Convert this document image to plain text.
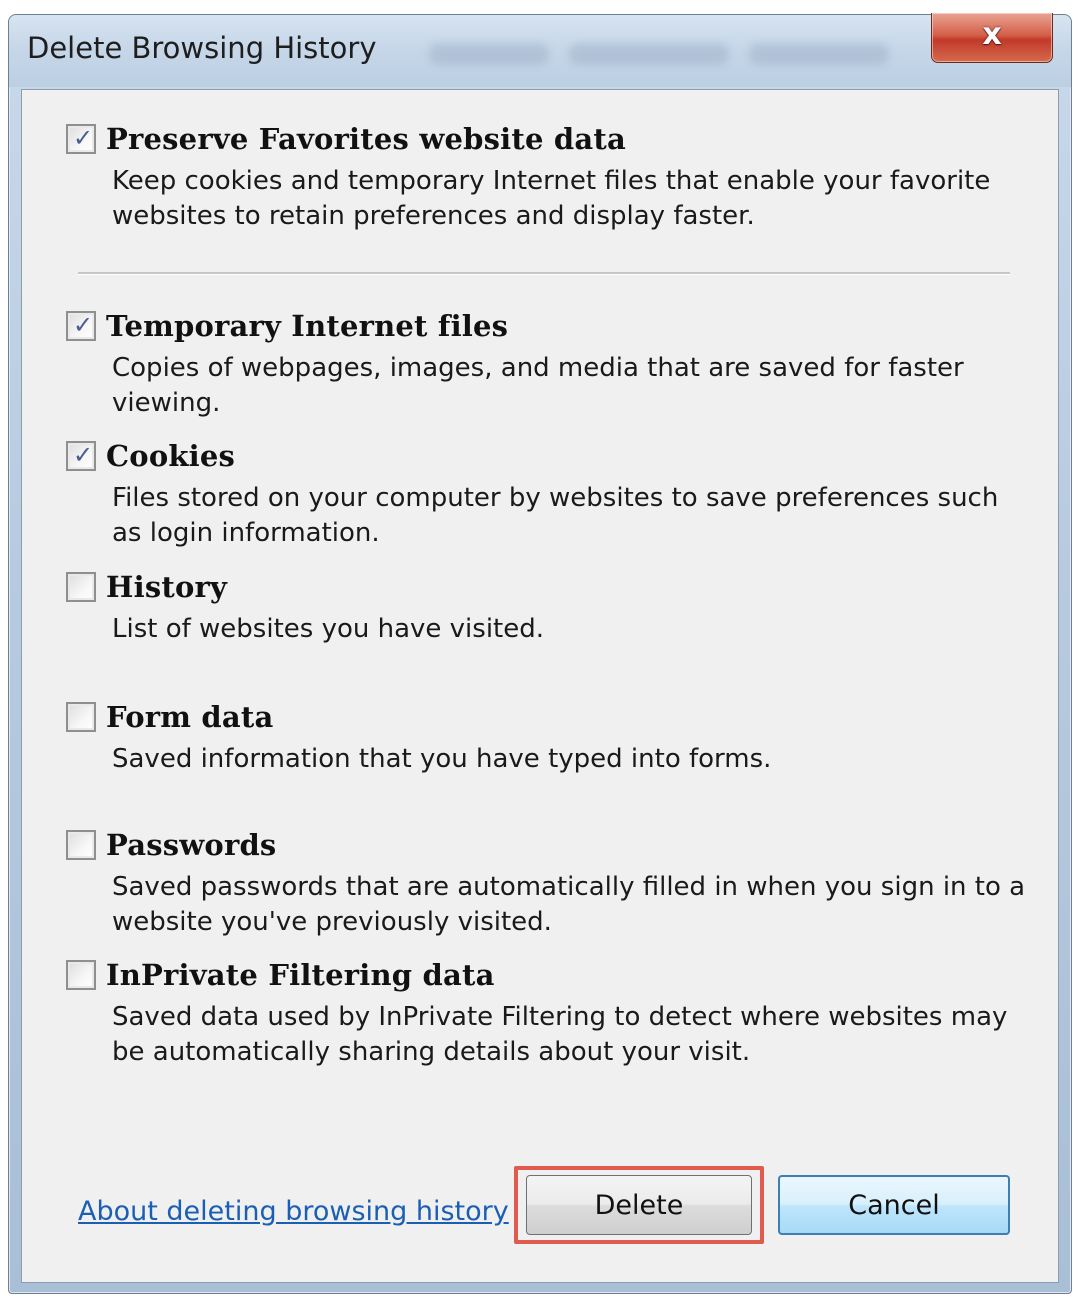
Delete Browsing History	x
✓ Preserve Favorites website data
Keep cookies and temporary Internet files that enable your favorite websites to retain preferences and display faster.
✓ Temporary Internet files
Copies of webpages, images, and media that are saved for faster viewing.
✓ Cookies
Files stored on your computer by websites to save preferences such as login information.
History
List of websites you have visited.
Form data
Saved information that you have typed into forms.
Passwords
Saved passwords that are automatically filled in when you sign in to a website you've previously visited.
InPrivate Filtering data
Saved data used by InPrivate Filtering to detect where websites may be automatically sharing details about your visit.
About deleting browsing history	Delete	Cancel
